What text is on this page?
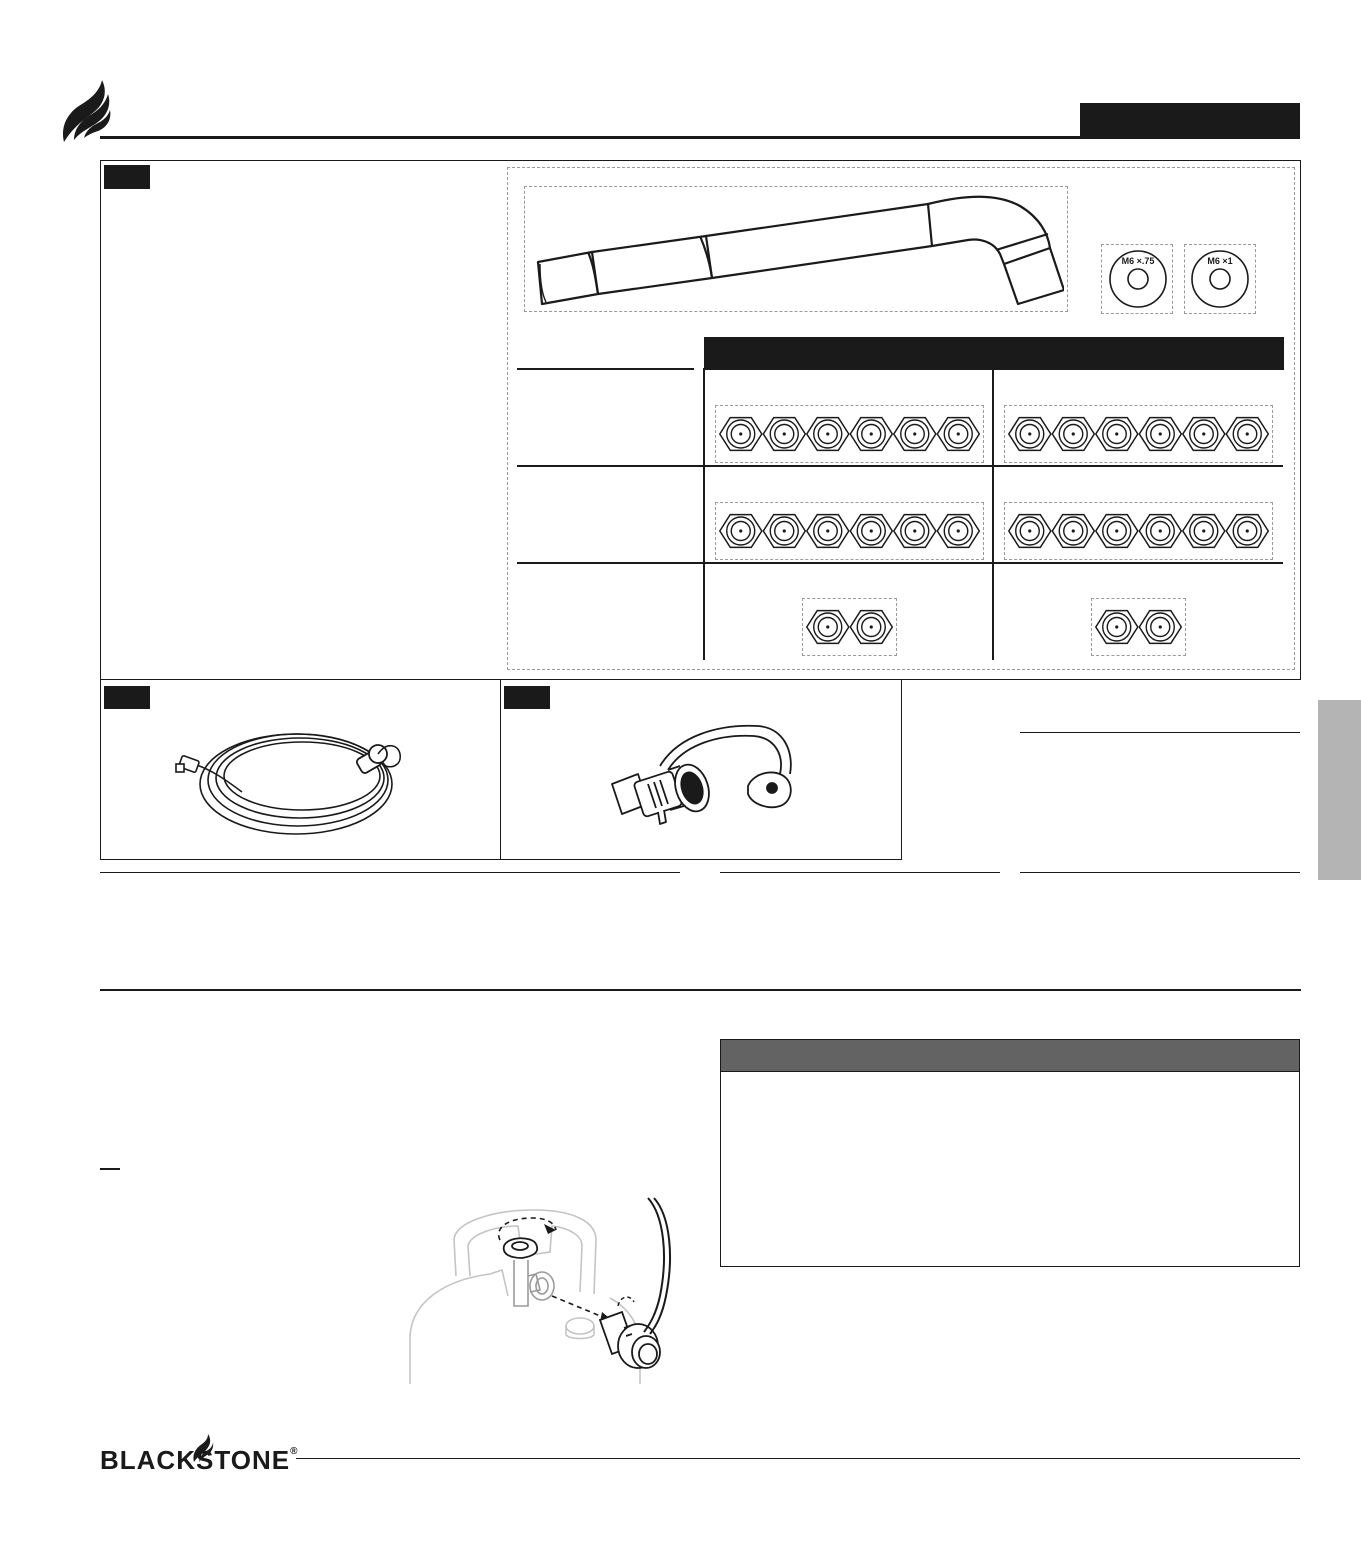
M6 ×.75	M6 ×1
BLACKSTONE ®
